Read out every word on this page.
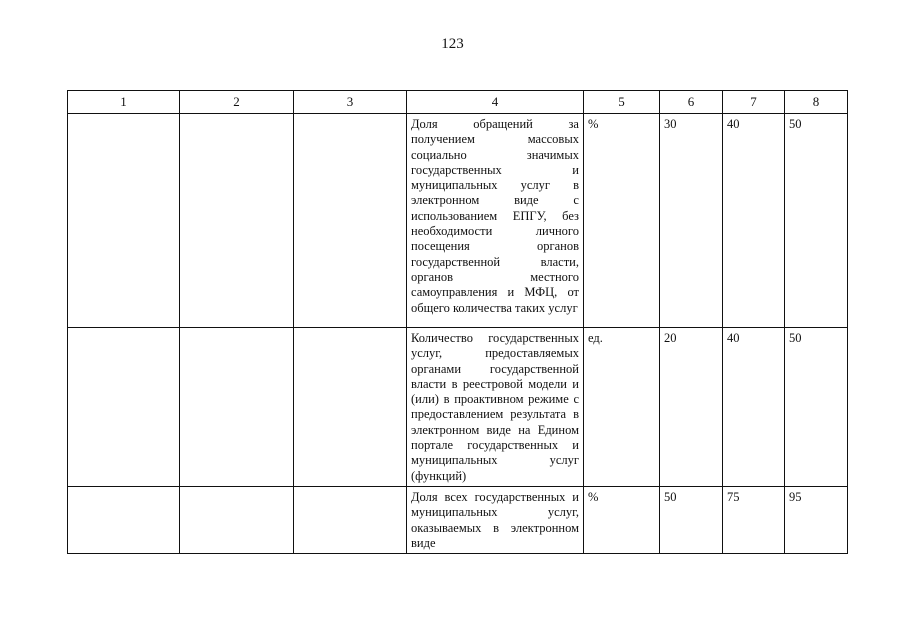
123
1	2	3	4	5	6	7	8

			Доля обращений за получением массовых социально значимых государственных и муниципальных услуг в электронном виде с использованием ЕПГУ, без необходимости личного посещения органов государственной власти, органов местного самоуправления и МФЦ, от общего количества таких услуг	%	30	40	50

			Количество государственных услуг, предоставляемых органами государственной власти в реестровой модели и (или) в проактивном режиме с предоставлением результата в электронном виде на Едином портале государственных и муниципальных услуг (функций)	ед.	20	40	50

			Доля всех государственных и муниципальных услуг, оказываемых в электронном виде	%	50	75	95
